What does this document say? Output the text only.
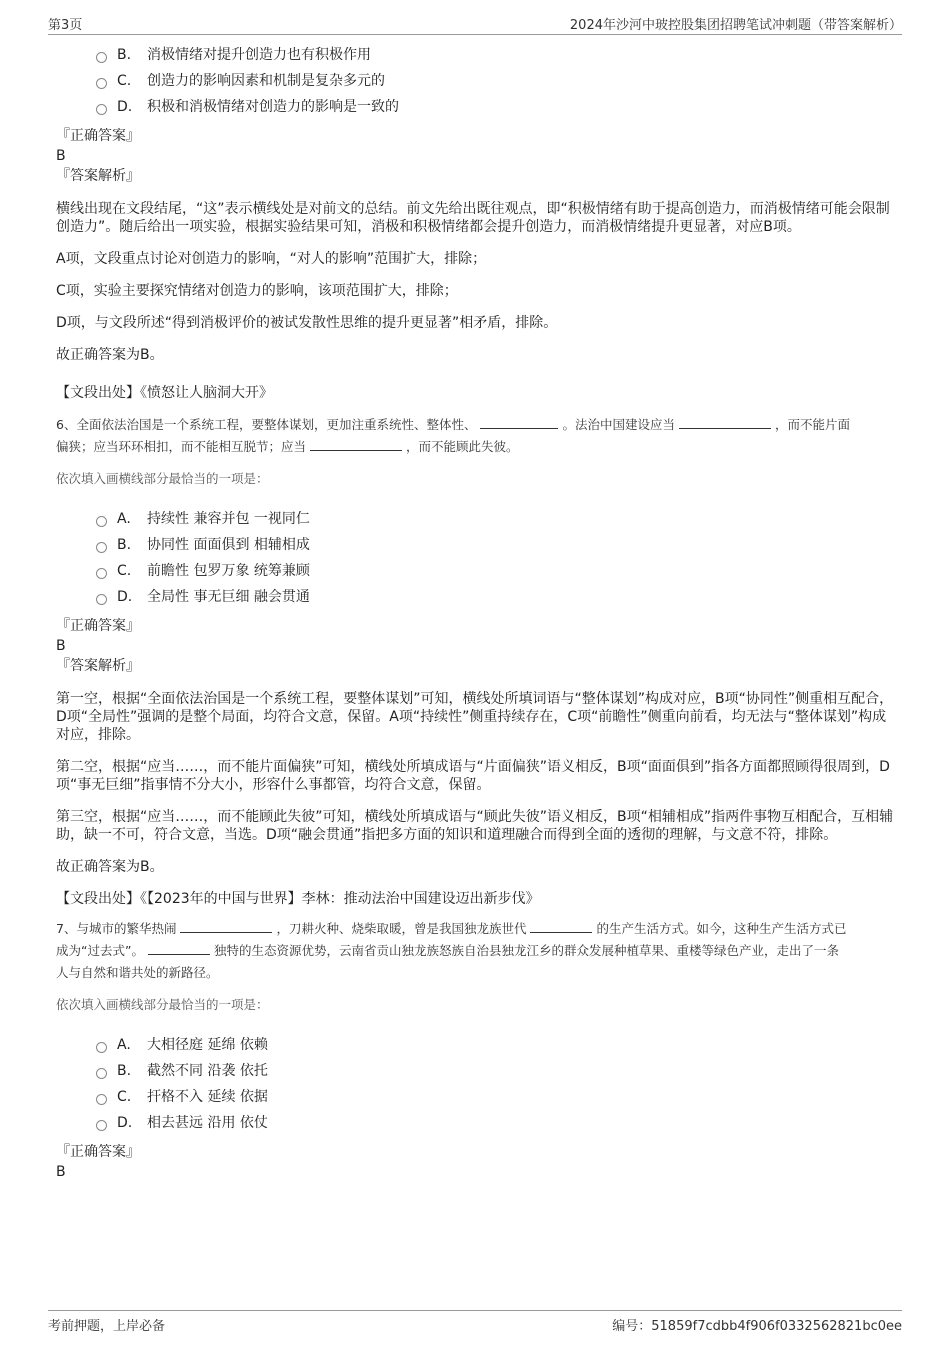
第3页	2024年沙河中玻控股集团招聘笔试冲刺题（带答案解析）
B. 消极情绪对提升创造力也有积极作用
C. 创造力的影响因素和机制是复杂多元的
D. 积极和消极情绪对创造力的影响是一致的
『正确答案』
B
『答案解析』

横线出现在文段结尾，“这”表示横线处是对前文的总结。前文先给出既往观点，即“积极情绪有助于提高创造力，而消极情绪可能会限制创造力”。随后给出一项实验，根据实验结果可知，消极和积极情绪都会提升创造力，而消极情绪提升更显著，对应B项。

A项，文段重点讨论对创造力的影响，“对人的影响”范围扩大，排除；

C项，实验主要探究情绪对创造力的影响，该项范围扩大，排除；

D项，与文段所述“得到消极评价的被试发散性思维的提升更显著”相矛盾，排除。

故正确答案为B。

【文段出处】《愤怒让人脑洞大开》

6、全面依法治国是一个系统工程，要整体谋划，更加注重系统性、整体性、	。法治中国建设应当	，而不能片面
偏狭；应当环环相扣，而不能相互脱节；应当	，而不能顾此失彼。

依次填入画横线部分最恰当的一项是：

A. 持续性 兼容并包 一视同仁
B. 协同性 面面俱到 相辅相成
C. 前瞻性 包罗万象 统筹兼顾
D. 全局性 事无巨细 融会贯通
『正确答案』
B
『答案解析』

第一空，根据“全面依法治国是一个系统工程，要整体谋划”可知，横线处所填词语与“整体谋划”构成对应，B项“协同性”侧重相互配合，D项“全局性”强调的是整个局面，均符合文意，保留。A项“持续性”侧重持续存在，C项“前瞻性”侧重向前看，均无法与“整体谋划”构成对应，排除。

第二空，根据“应当……，而不能片面偏狭”可知，横线处所填成语与“片面偏狭”语义相反，B项“面面俱到”指各方面都照顾得很周到，D项“事无巨细”指事情不分大小，形容什么事都管，均符合文意，保留。

第三空，根据“应当……，而不能顾此失彼”可知，横线处所填成语与“顾此失彼”语义相反，B项“相辅相成”指两件事物互相配合，互相辅助，缺一不可，符合文意，当选。D项“融会贯通”指把多方面的知识和道理融合而得到全面的透彻的理解，与文意不符，排除。

故正确答案为B。

【文段出处】《【2023年的中国与世界】李林：推动法治中国建设迈出新步伐》

7、与城市的繁华热闹	，刀耕火种、烧柴取暖，曾是我国独龙族世代	的生产生活方式。如今，这种生产生活方式已
成为“过去式”。	独特的生态资源优势，云南省贡山独龙族怒族自治县独龙江乡的群众发展种植草果、重楼等绿色产业，走出了一条
人与自然和谐共处的新路径。

依次填入画横线部分最恰当的一项是：

A. 大相径庭 延绵 依赖
B. 截然不同 沿袭 依托
C. 扞格不入 延续 依据
D. 相去甚远 沿用 依仗
『正确答案』
B
考前押题，上岸必备	编号：51859f7cdbb4f906f0332562821bc0ee
